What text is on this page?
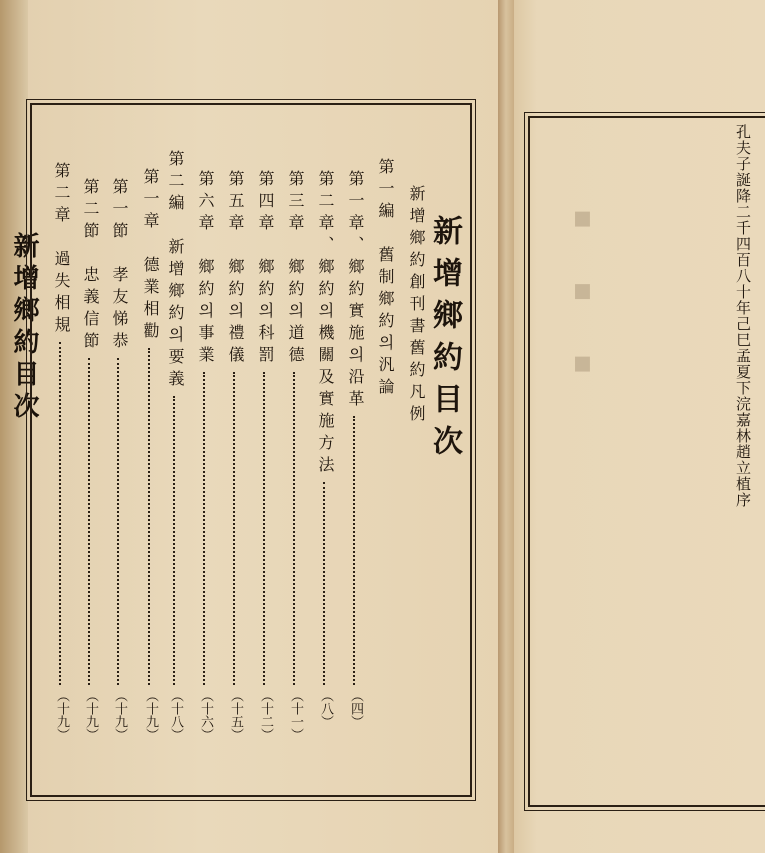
新增鄉約目次	▪ ▪ ▪
新增鄉約目次
新增鄉約創刊書舊約凡例
第一編　舊制鄉約의汎論
第一章、鄉約實施의沿革
（四）
第二章、鄉約의機關及實施方法
（八）
第三章　鄉約의道德
（十一）
第四章　鄉約의科罰
（十二）
第五章　鄉約의禮儀
（十五）
第六章　鄉約의事業
（十六）
第二編　新增鄉約의要義
（十八）
第一章　德業相勸
（十九）
第一節　孝友悌恭
（十九）
第二節　忠義信節
（十九）
第二章　過失相規
（十九）
孔夫子誕降二千四百八十年己巳孟夏下浣嘉林趙立植序
